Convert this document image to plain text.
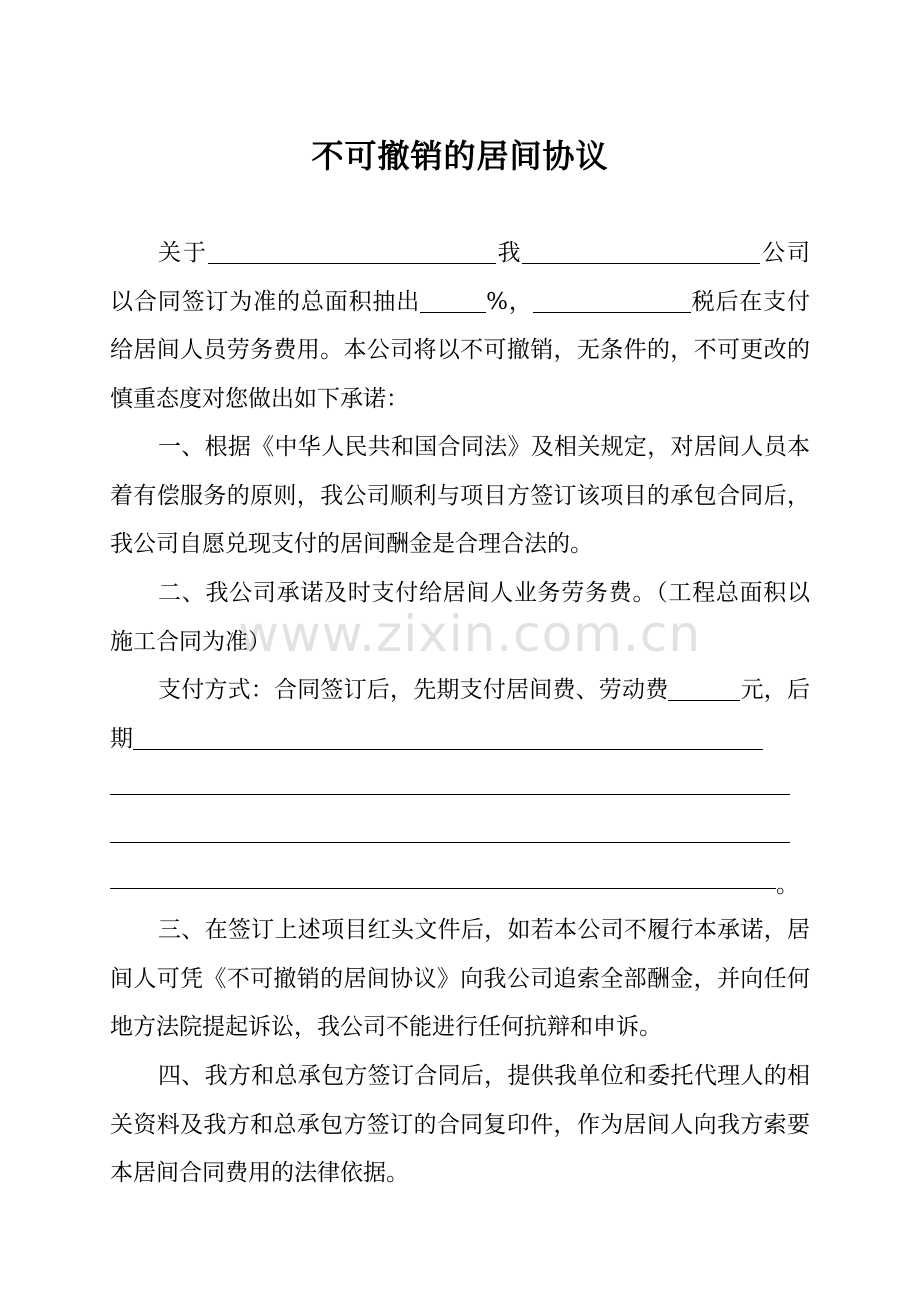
不可撤销的居间协议

关于	我	公司以合同签订为准的总面积抽出	%，	税后在支付给居间人员劳务费用。本公司将以不可撤销，无条件的，不可更改的慎重态度对您做出如下承诺：

一、根据《中华人民共和国合同法》及相关规定，对居间人员本着有偿服务的原则，我公司顺利与项目方签订该项目的承包合同后，我公司自愿兑现支付的居间酬金是合理合法的。

二、我公司承诺及时支付给居间人业务劳务费。（工程总面积以施工合同为准）

支付方式：合同签订后，先期支付居间费、劳动费	元，后期

。

三、在签订上述项目红头文件后，如若本公司不履行本承诺，居间人可凭《不可撤销的居间协议》向我公司追索全部酬金，并向任何地方法院提起诉讼，我公司不能进行任何抗辩和申诉。

四、我方和总承包方签订合同后，提供我单位和委托代理人的相关资料及我方和总承包方签订的合同复印件，作为居间人向我方索要本居间合同费用的法律依据。

www.zixin.com.cn
